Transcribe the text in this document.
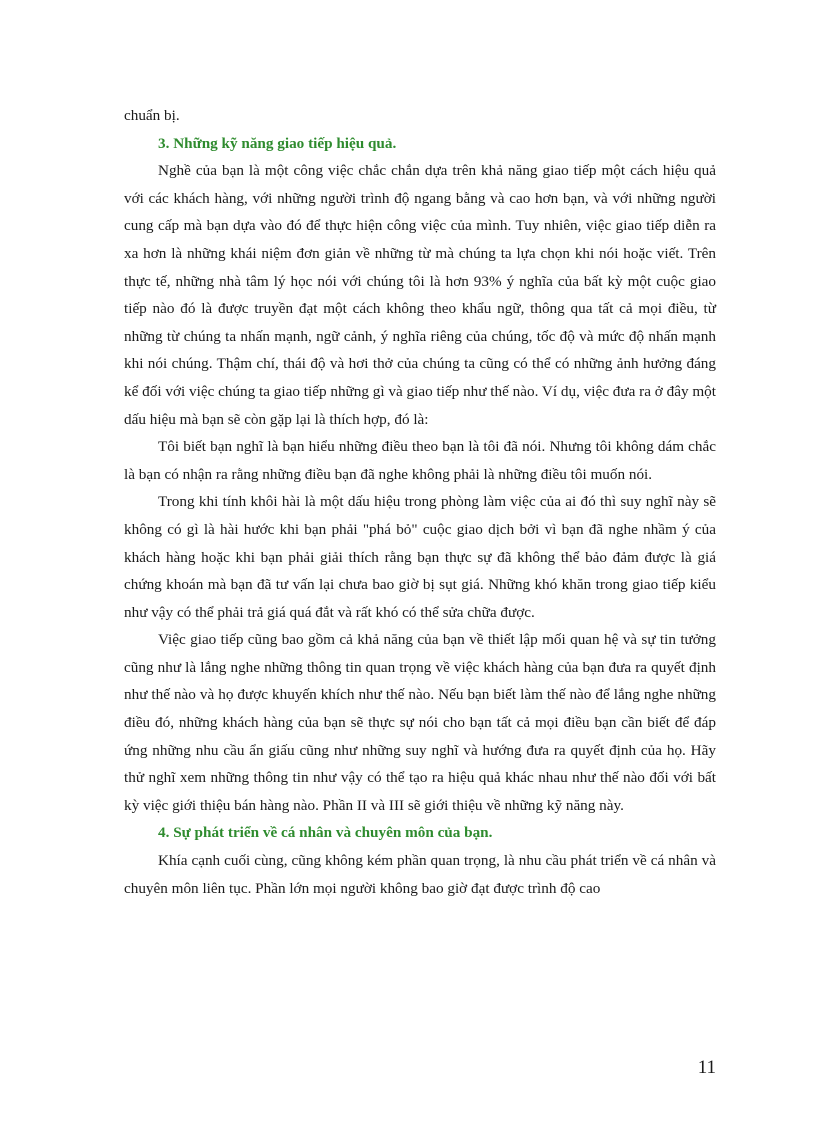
chuẩn bị.

3. Những kỹ năng giao tiếp hiệu quả.

Nghề của bạn là một công việc chắc chắn dựa trên khả năng giao tiếp một cách hiệu quả với các khách hàng, với những người trình độ ngang bằng và cao hơn bạn, và với những người cung cấp mà bạn dựa vào đó để thực hiện công việc của mình. Tuy nhiên, việc giao tiếp diễn ra xa hơn là những khái niệm đơn giản về những từ mà chúng ta lựa chọn khi nói hoặc viết. Trên thực tế, những nhà tâm lý học nói với chúng tôi là hơn 93% ý nghĩa của bất kỳ một cuộc giao tiếp nào đó là được truyền đạt một cách không theo khẩu ngữ, thông qua tất cả mọi điều, từ những từ chúng ta nhấn mạnh, ngữ cảnh, ý nghĩa riêng của chúng, tốc độ và mức độ nhấn mạnh khi nói chúng. Thậm chí, thái độ và hơi thở của chúng ta cũng có thể có những ảnh hưởng đáng kể đối với việc chúng ta giao tiếp những gì và giao tiếp như thế nào. Ví dụ, việc đưa ra ở đây một dấu hiệu mà bạn sẽ còn gặp lại là thích hợp, đó là:

Tôi biết bạn nghĩ là bạn hiểu những điều theo bạn là tôi đã nói. Nhưng tôi không dám chắc là bạn có nhận ra rằng những điều bạn đã nghe không phải là những điều tôi muốn nói.

Trong khi tính khôi hài là một dấu hiệu trong phòng làm việc của ai đó thì suy nghĩ này sẽ không có gì là hài hước khi bạn phải "phá bỏ" cuộc giao dịch bởi vì bạn đã nghe nhầm ý của khách hàng hoặc khi bạn phải giải thích rằng bạn thực sự đã không thể bảo đảm được là giá chứng khoán mà bạn đã tư vấn lại chưa bao giờ bị sụt giá. Những khó khăn trong giao tiếp kiểu như vậy có thể phải trả giá quá đắt và rất khó có thể sửa chữa được.

Việc giao tiếp cũng bao gồm cả khả năng của bạn về thiết lập mối quan hệ và sự tin tưởng cũng như là lắng nghe những thông tin quan trọng về việc khách hàng của bạn đưa ra quyết định như thế nào và họ được khuyến khích như thế nào. Nếu bạn biết làm thế nào để lắng nghe những điều đó, những khách hàng của bạn sẽ thực sự nói cho bạn tất cả mọi điều bạn cần biết để đáp ứng những nhu cầu ẩn giấu cũng như những suy nghĩ và hướng đưa ra quyết định của họ. Hãy thử nghĩ xem những thông tin như vậy có thể tạo ra hiệu quả khác nhau như thế nào đối với bất kỳ việc giới thiệu bán hàng nào. Phần II và III sẽ giới thiệu về những kỹ năng này.

4. Sự phát triển về cá nhân và chuyên môn của bạn.

Khía cạnh cuối cùng, cũng không kém phần quan trọng, là nhu cầu phát triển về cá nhân và chuyên môn liên tục. Phần lớn mọi người không bao giờ đạt được trình độ cao

11
